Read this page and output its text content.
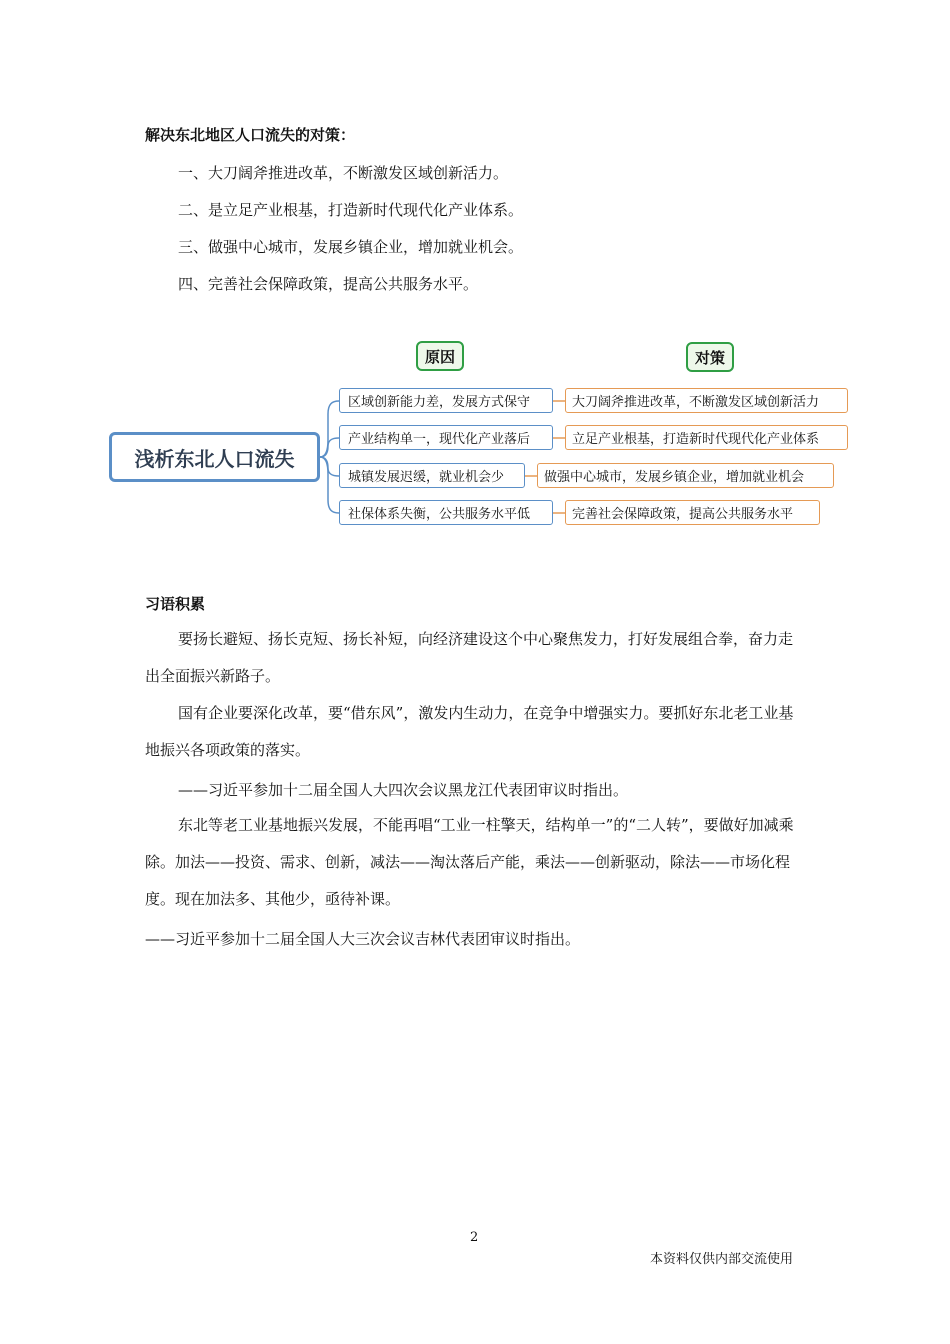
解决东北地区人口流失的对策：
一、大刀阔斧推进改革，不断激发区域创新活力。
二、是立足产业根基，打造新时代现代化产业体系。
三、做强中心城市，发展乡镇企业，增加就业机会。
四、完善社会保障政策，提高公共服务水平。
原因	对策
浅析东北人口流失
区域创新能力差，发展方式保守
产业结构单一，现代化产业落后
城镇发展迟缓，就业机会少
社保体系失衡，公共服务水平低
大刀阔斧推进改革，不断激发区域创新活力
立足产业根基，打造新时代现代化产业体系
做强中心城市，发展乡镇企业，增加就业机会
完善社会保障政策，提高公共服务水平
习语积累
要扬长避短、扬长克短、扬长补短，向经济建设这个中心聚焦发力，打好发展组合拳，奋力走出全面振兴新路子。
国有企业要深化改革，要“借东风”，激发内生动力，在竞争中增强实力。要抓好东北老工业基地振兴各项政策的落实。
——习近平参加十二届全国人大四次会议黑龙江代表团审议时指出。
东北等老工业基地振兴发展，不能再唱“工业一柱擎天，结构单一”的“二人转”，要做好加减乘除。加法——投资、需求、创新，减法——淘汰落后产能，乘法——创新驱动，除法——市场化程度。现在加法多、其他少，亟待补课。
——习近平参加十二届全国人大三次会议吉林代表团审议时指出。
2
本资料仅供内部交流使用
